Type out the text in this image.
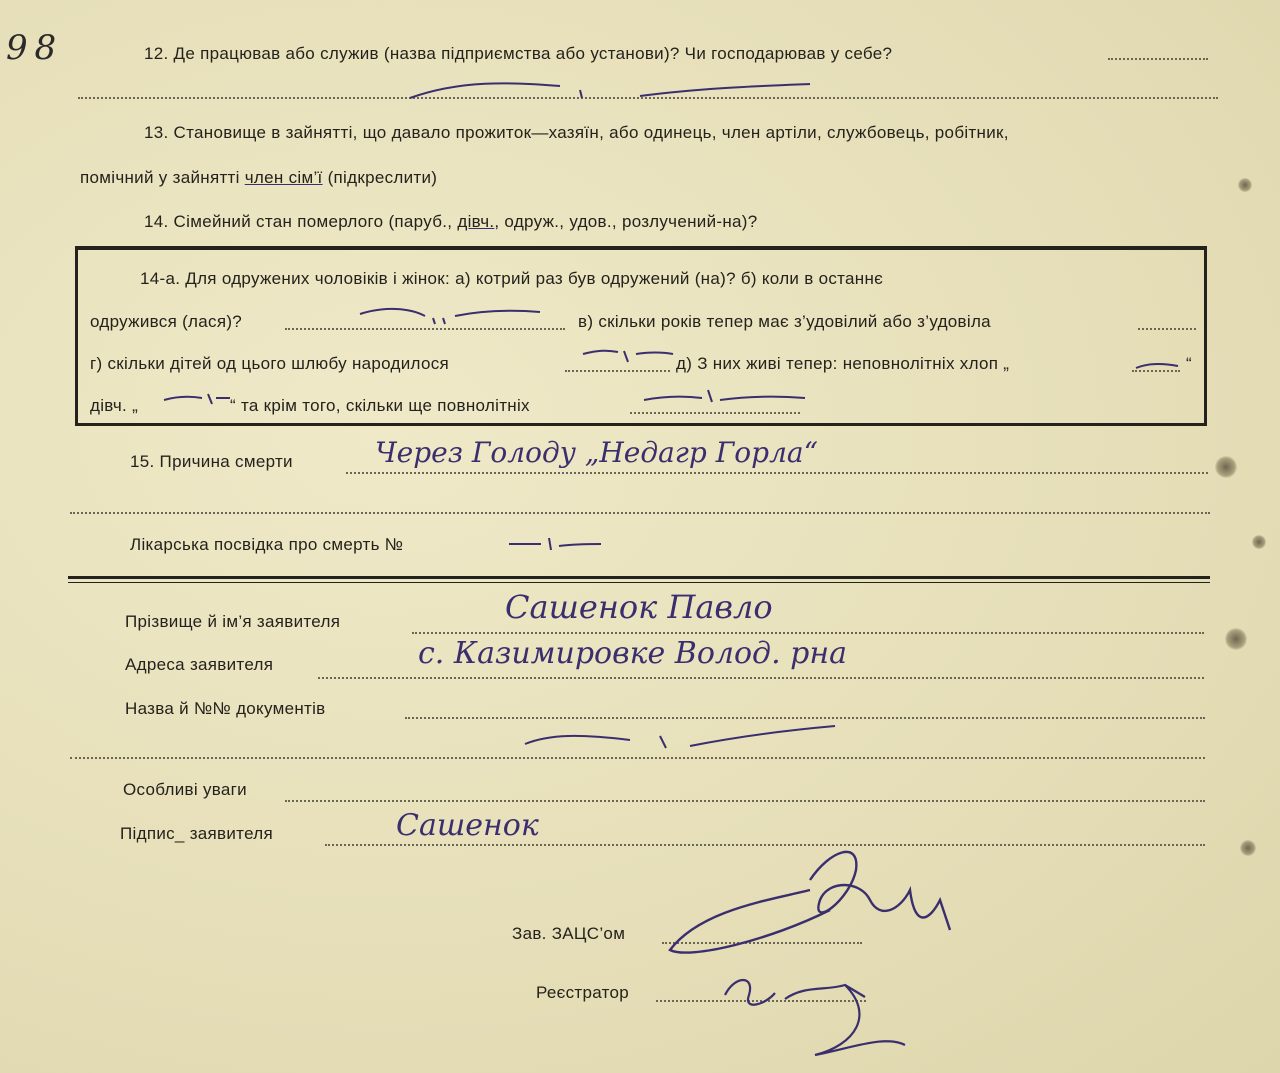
9 8	12. Де працював або служив (назва підприємства або установи)? Чи господарював у себе?
13. Становище в зайнятті, що давало прожиток—хазяїн, або одинець, член артіли, службовець, робітник,
помічний у зайнятті член сім’ї (підкреслити)
14. Сімейний стан померлого (паруб., дівч., одруж., удов., розлучений-на)?
14-а. Для одружених чоловіків і жінок: а) котрий раз був одружений (на)? б) коли в останнє
одружився (лася)?	в) скільки років тепер має з’удовілий або з’удовіла
г) скільки дітей од цього шлюбу народилося	д) З них живі тепер: неповнолітніх хлоп „	“
дівч. „	“ та крім того, скільки ще повнолітніх
15. Причина смерти	Через Голоду „Недагр Горла“
Лікарська посвідка про смерть №
Прізвище й ім’я заявителя	Сашенок Павло
Адреса заявителя	с. Казимировке Волод. рна
Назва й №№ документів
Особливі уваги
Підпис_ заявителя	Сашенок
Зав. ЗАЦС’ом
Реєстратор
